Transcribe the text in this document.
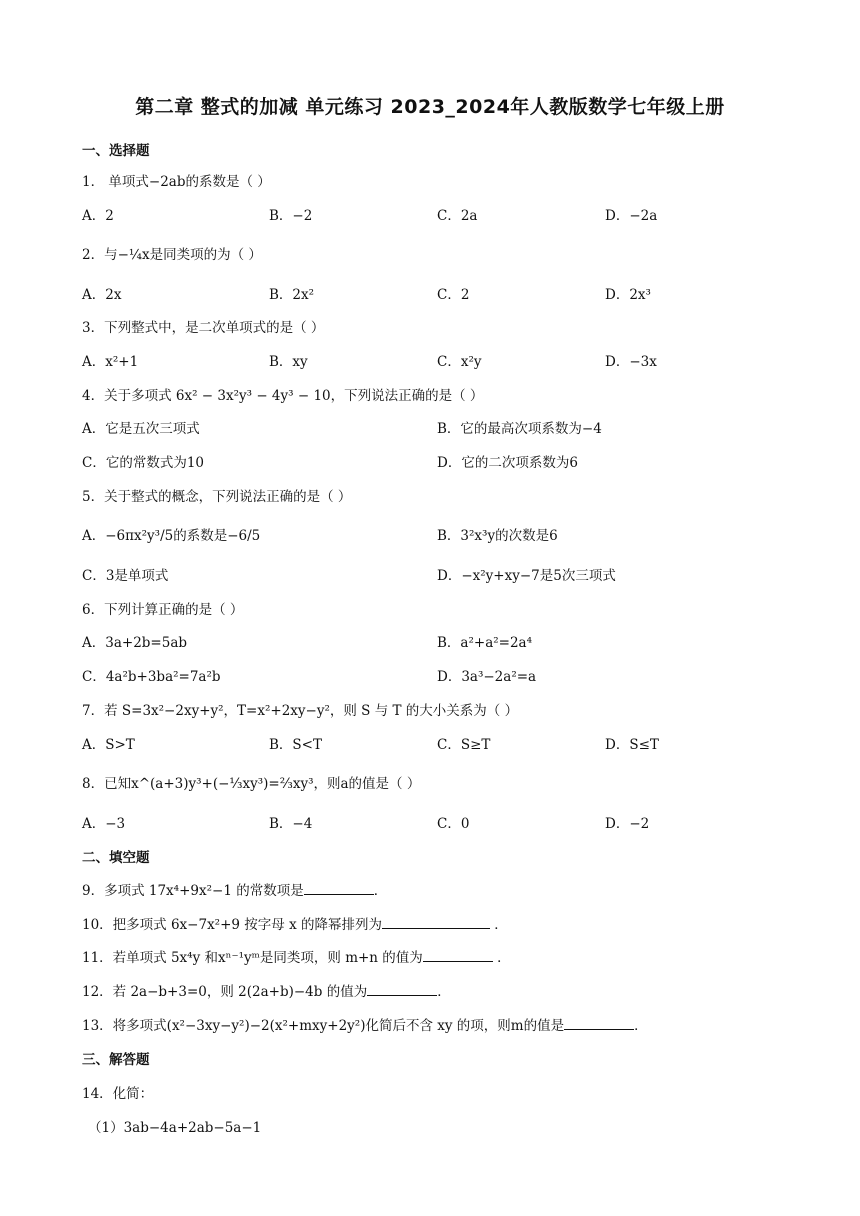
第二章 整式的加减 单元练习 2023_2024年人教版数学七年级上册
一、选择题
1． 单项式−2ab的系数是（ ）
A．2	B．−2	C．2a	D．−2a
2．与−¼x是同类项的为（ ）
A．2x	B．2x²	C．2	D．2x³
3．下列整式中，是二次单项式的是（ ）
A．x²+1	B．xy	C．x²y	D．−3x
4．关于多项式 6x² − 3x²y³ − 4y³ − 10，下列说法正确的是（ ）
A．它是五次三项式	B．它的最高次项系数为−4
C．它的常数式为10	D．它的二次项系数为6
5．关于整式的概念，下列说法正确的是（ ）
A．−6πx²y³/5的系数是−6/5	B．3²x³y的次数是6
C．3是单项式	D．−x²y+xy−7是5次三项式
6．下列计算正确的是（ ）
A．3a+2b=5ab	B．a²+a²=2a⁴
C．4a²b+3ba²=7a²b	D．3a³−2a²=a
7．若 S=3x²−2xy+y²，T=x²+2xy−y²，则 S 与 T 的大小关系为（ ）
A．S>T	B．S<T	C．S≥T	D．S≤T
8．已知x^(a+3)y³+(−⅓xy³)=⅔xy³，则a的值是（ ）
A．−3	B．−4	C．0	D．−2
二、填空题
9．多项式 17x⁴+9x²−1 的常数项是	．
10．把多项式 6x−7x²+9 按字母 x 的降幂排列为	．
11．若单项式 5x⁴y 和xⁿ⁻¹yᵐ是同类项，则 m+n 的值为	．
12．若 2a−b+3=0，则 2(2a+b)−4b 的值为	．
13．将多项式(x²−3xy−y²)−2(x²+mxy+2y²)化简后不含 xy 的项，则m的值是	．
三、解答题
14．化简：
（1）3ab−4a+2ab−5a−1
